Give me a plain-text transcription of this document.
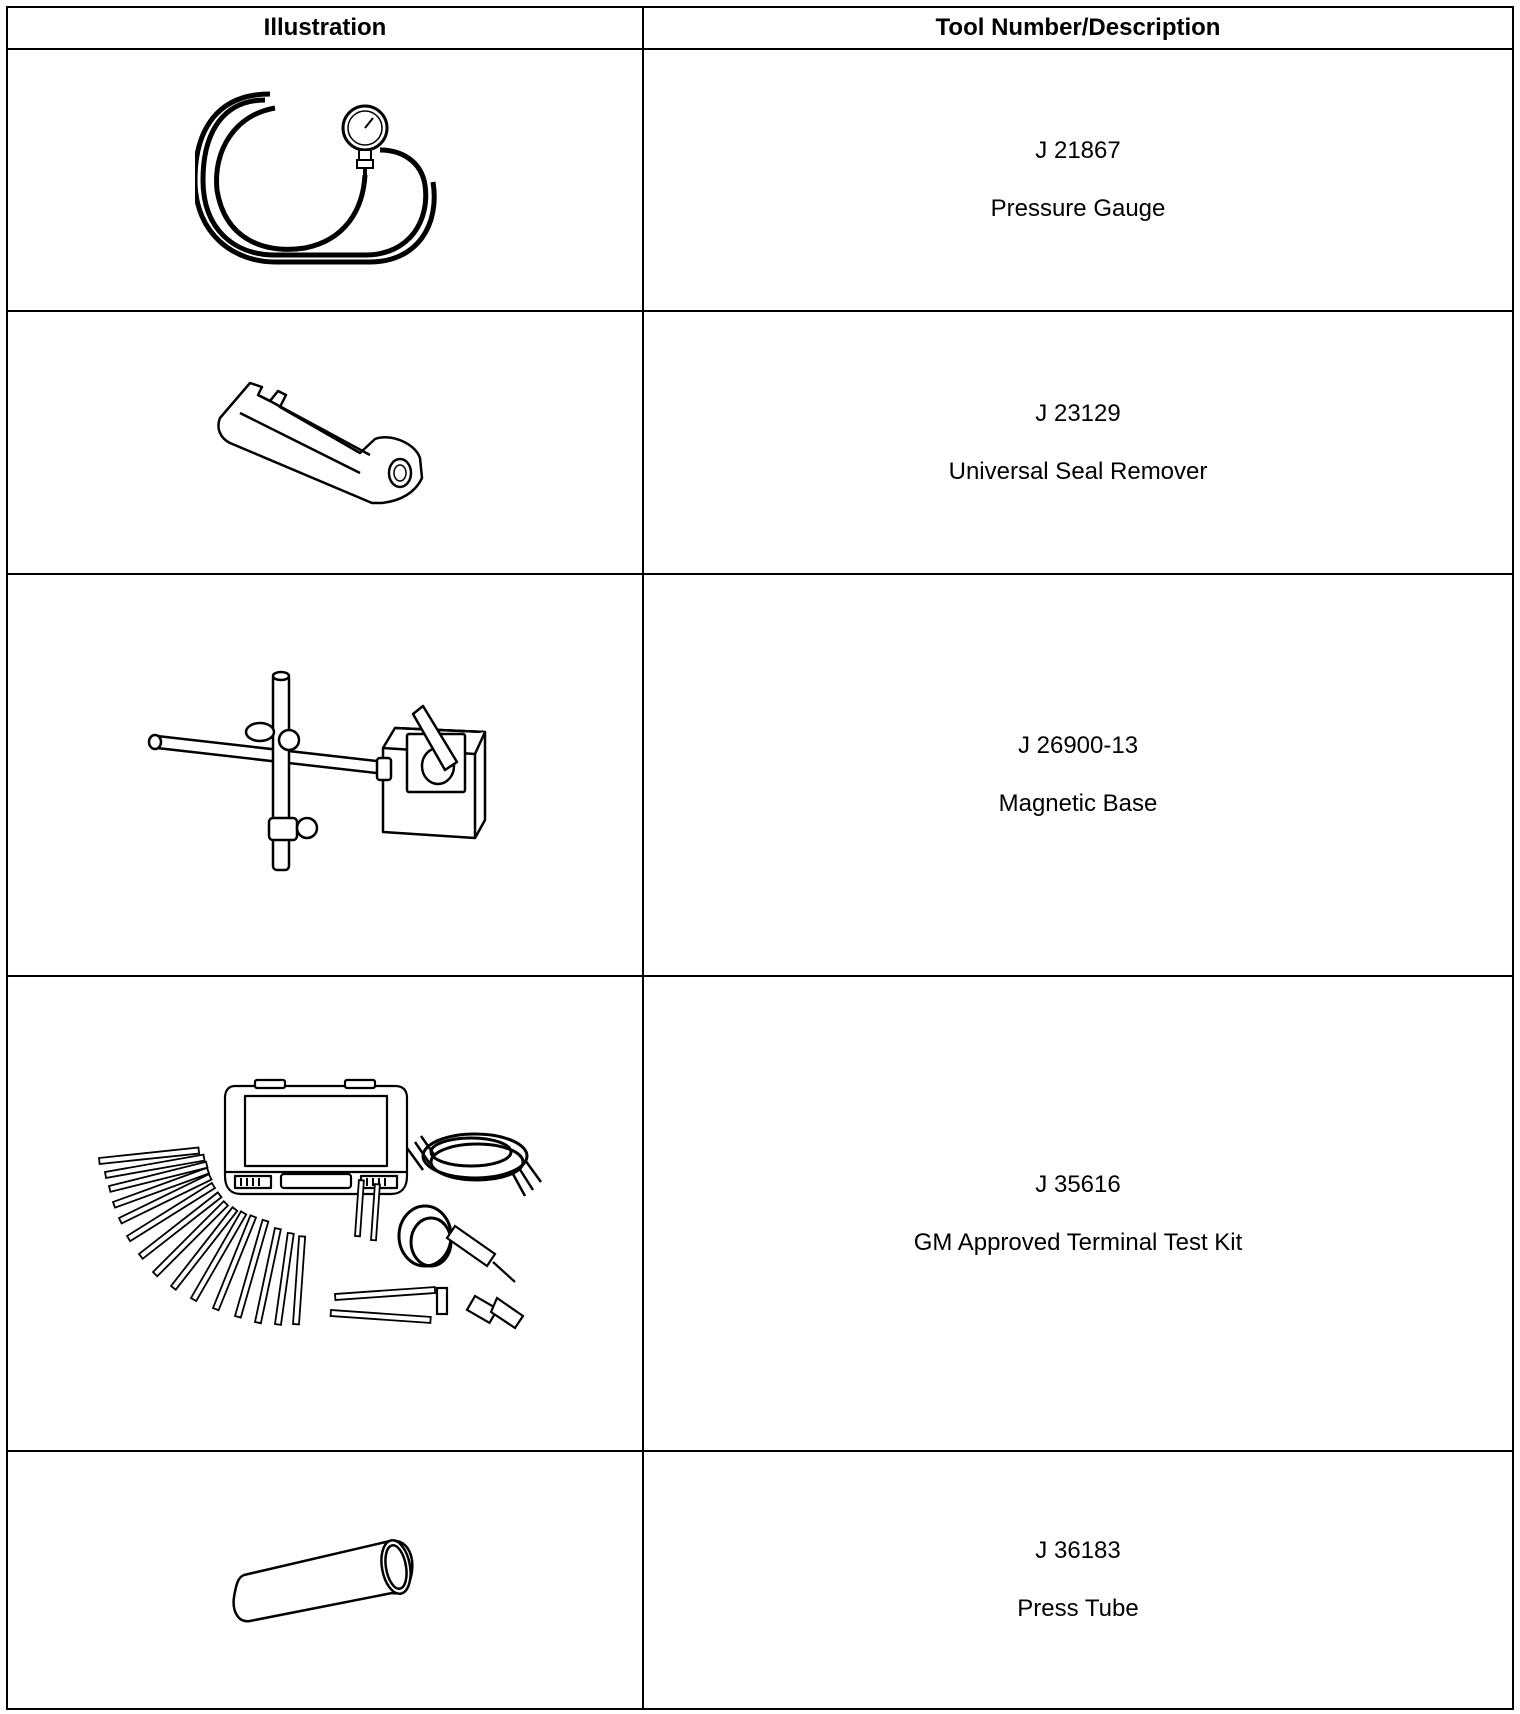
Illustration	Tool Number/Description

J 21867
Pressure Gauge

J 23129
Universal Seal Remover

J 26900-13
Magnetic Base

J 35616
GM Approved Terminal Test Kit

J 36183
Press Tube
